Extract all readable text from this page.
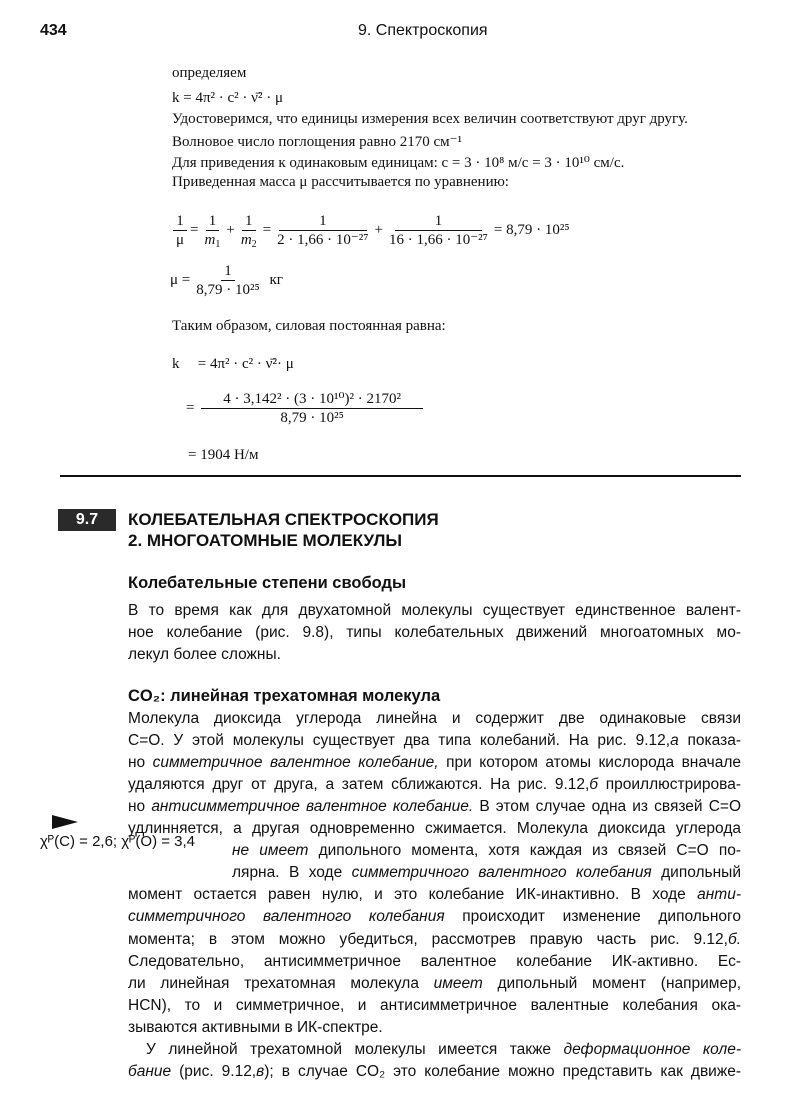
434	9. Спектроскопия
определяем
k = 4π² · c² · ν̄² · μ
Удостоверимся, что единицы измерения всех величин соответствуют друг другу.
Волновое число поглощения равно 2170 см⁻¹
Для приведения к одинаковым единицам: c = 3 · 10⁸ м/с = 3 · 10¹⁰ см/с.
Приведенная масса μ рассчитывается по уравнению:
$\frac{1}{\mu} = \frac{1}{m_1} + \frac{1}{m_2} = \frac{1}{\text{2 · 1,66 · 10⁻²⁷}} + \frac{1}{\text{16 · 1,66 · 10⁻²⁷}} = 8,79 \cdot 10^{25}$
$\mu = \frac{1}{\text{8,79 · 10²⁵}}$ кг
Таким образом, силовая постоянная равна:
k = 4π² · c² · ν̄²· μ
= $\frac{\text{4 · 3,142² · (3 · 10¹⁰)² · 2170²}}{\text{8,79 · 10²⁵}}$
= 1904 Н/м
9.7	КОЛЕБАТЕЛЬНАЯ СПЕКТРОСКОПИЯ
2. МНОГОАТОМНЫЕ МОЛЕКУЛЫ
Колебательные степени свободы
В то время как для двухатомной молекулы существует единственное валент-
ное колебание (рис. 9.8), типы колебательных движений многоатомных мо-
лекул более сложны.
CO₂: линейная трехатомная молекула
Молекула диоксида углерода линейна и содержит две одинаковые связи
C=O. У этой молекулы существует два типа колебаний. На рис. 9.12,а показа-
но симметричное валентное колебание, при котором атомы кислорода вначале
удаляются друг от друга, а затем сближаются. На рис. 9.12,б проиллюстрирова-
но антисимметричное валентное колебание. В этом случае одна из связей C=O
удлинняется, а другая одновременно сжимается. Молекула диоксида углерода
не имеет дипольного момента, хотя каждая из связей C=O по-
лярна. В ходе симметричного валентного колебания дипольный
момент остается равен нулю, и это колебание ИК-инактивно. В ходе анти-
симметричного валентного колебания происходит изменение дипольного
момента; в этом можно убедиться, рассмотрев правую часть рис. 9.12,б.
Следовательно, антисимметричное валентное колебание ИК-активно. Ес-
ли линейная трехатомная молекула имеет дипольный момент (например,
HCN), то и симметричное, и антисимметричное валентные колебания ока-
зываются активными в ИК-спектре.
У линейной трехатомной молекулы имеется также деформационное коле-
бание (рис. 9.12,в); в случае CO₂ это колебание можно представить как движе-
χᴾ(C) = 2,6; χᴾ(O) = 3,4
